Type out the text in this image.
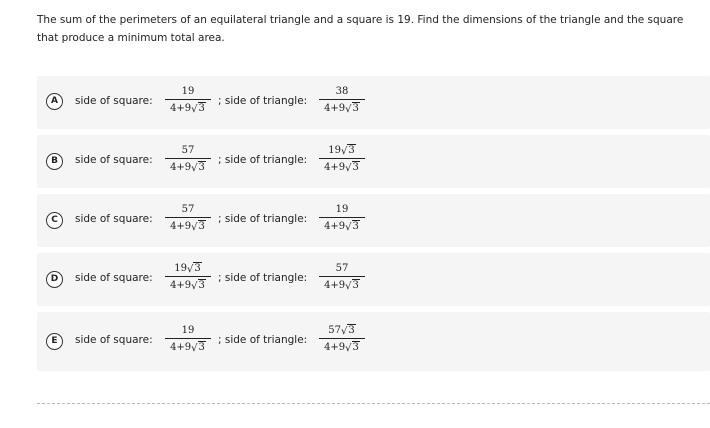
The sum of the perimeters of an equilateral triangle and a square is 19. Find the dimensions of the triangle and the square that produce a minimum total area.
A	side of square:
19
4+9√3
; side of triangle:
38
4+9√3
B	side of square:
57
4+9√3
; side of triangle:
19√3
4+9√3
C	side of square:
57
4+9√3
; side of triangle:
19
4+9√3
D	side of square:
19√3
4+9√3
; side of triangle:
57
4+9√3
E	side of square:
19
4+9√3
; side of triangle:
57√3
4+9√3
